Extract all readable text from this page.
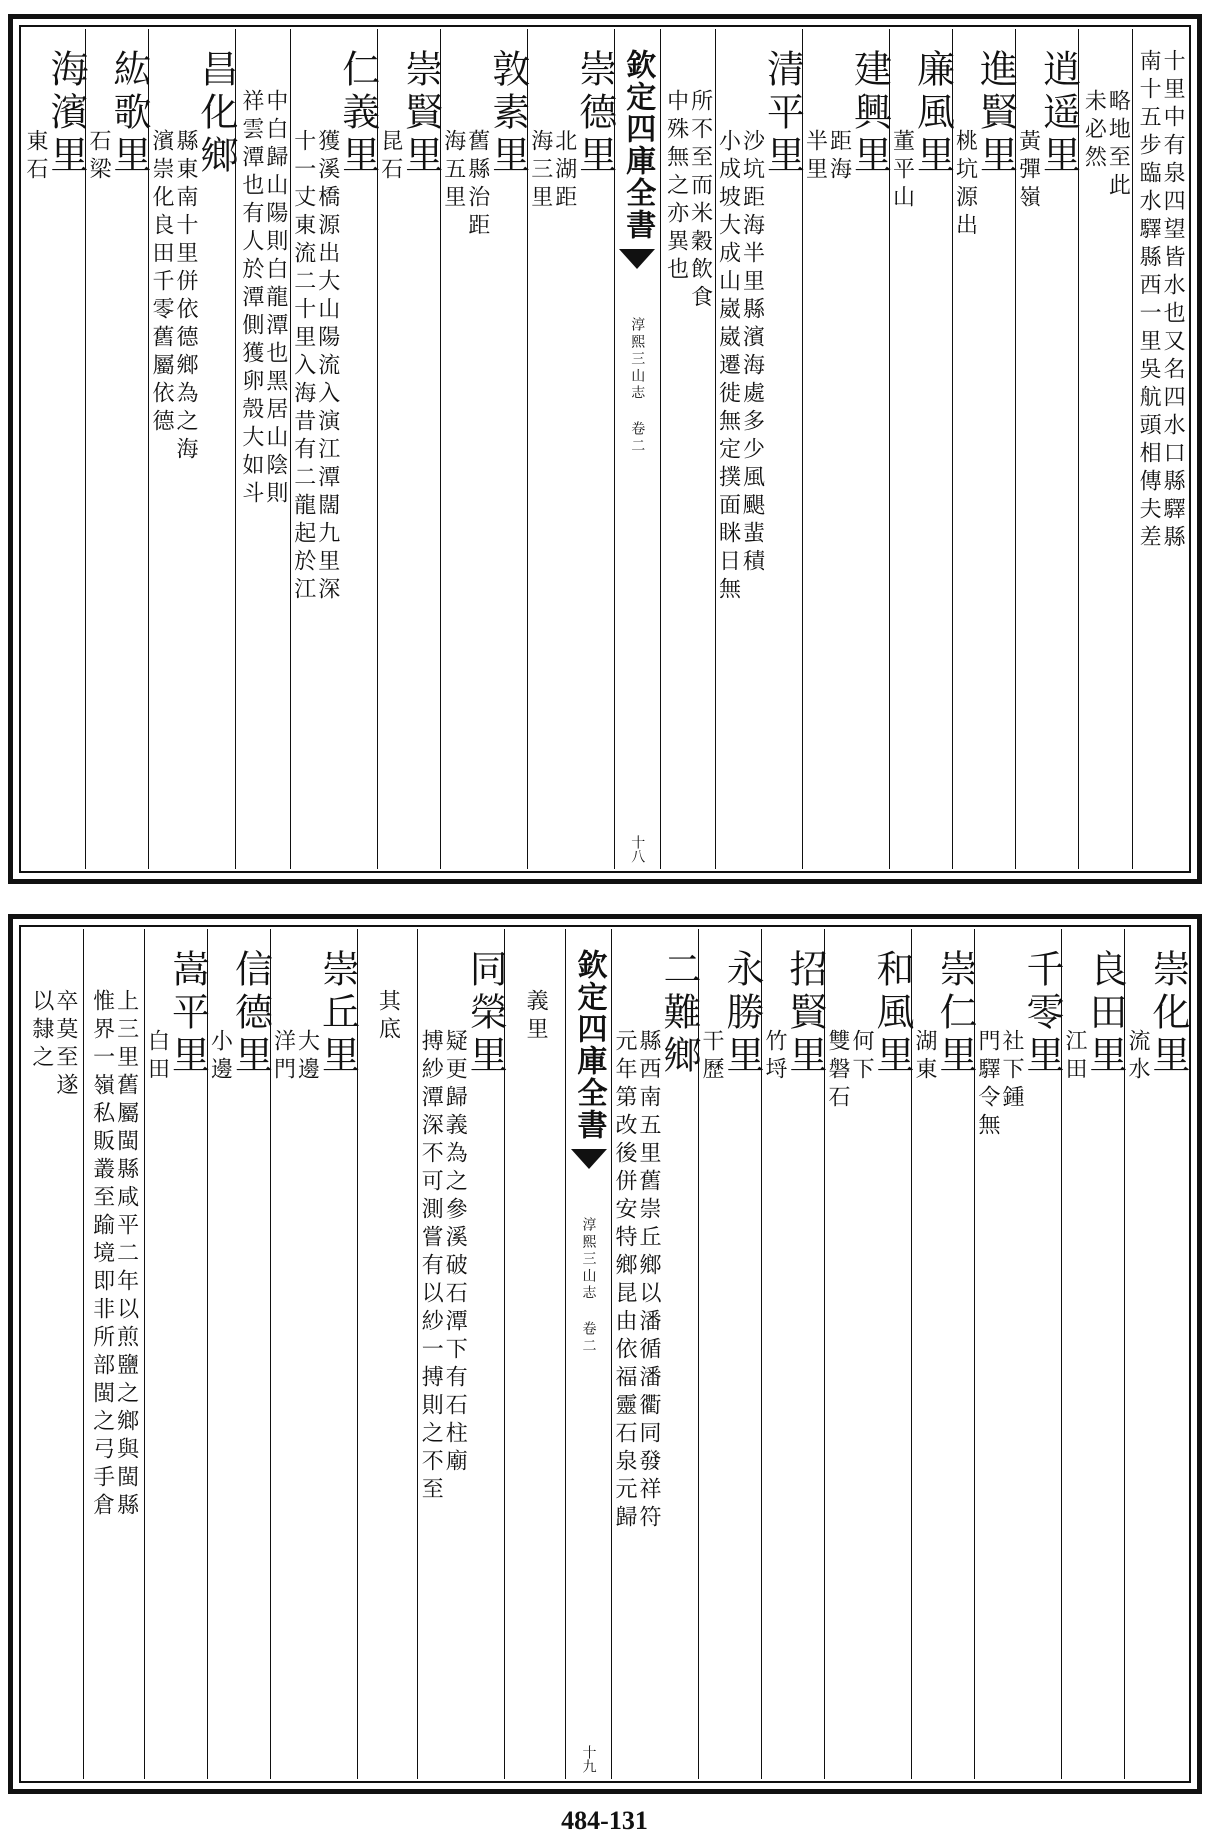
十里中有泉四望皆水也又名四水口縣驛縣
南十五步臨水驛縣西一里吳航頭相傳夫差
略地至此
未必然
逍遥里
黃彈嶺
進賢里
桃坑源出
廉風里
董平山
建興里
距海
半里
清平里
沙坑距海半里縣濱海處多少風颶蜚積
小成坡大成山崴崴遷徙無定撲面眯日無
所不至而米穀飲食
中殊無之亦異也
欽定四庫全書
淳熙三山志 卷二
十八
崇德里
北湖距
海三里
敦素里
舊縣治距
海五里
崇賢里
昆石
仁義里
獲溪橋源出大山陽流入演江潭闊九里深
十一丈東流二十里入海昔有二龍起於江
中白歸山陽則白龍潭也黑居山陰則
祥雲潭也有人於潭側獲卵殼大如斗
昌化鄉
縣東南十里併依德鄉為之海
濱崇化良田千零舊屬依德
紘歌里
石梁
海濱里
東石
崇化里
流水
良田里
江田
千零里
社下鍾
門驛令無
崇仁里
湖東
和風里
何下
雙磐石
招賢里
竹埒
永勝里
干歷
二難鄉
縣西南五里舊崇丘鄉以潘循潘衢同發祥符
元年第改後併安特鄉昆由依福靈石泉元歸
欽定四庫全書
淳熙三山志 卷二
十九
義里
同榮里
疑更歸義為之參溪破石潭下有石柱廟
搏紗潭深不可測嘗有以紗一搏則之不至
其底
崇丘里
大邊
洋門
信德里
小邊
嵩平里
白田
上三里舊屬閩縣咸平二年以煎鹽之鄉與閩縣
惟界一嶺私販叢至踰境即非所部閩之弓手倉
卒莫至遂
以隸之
484-131
